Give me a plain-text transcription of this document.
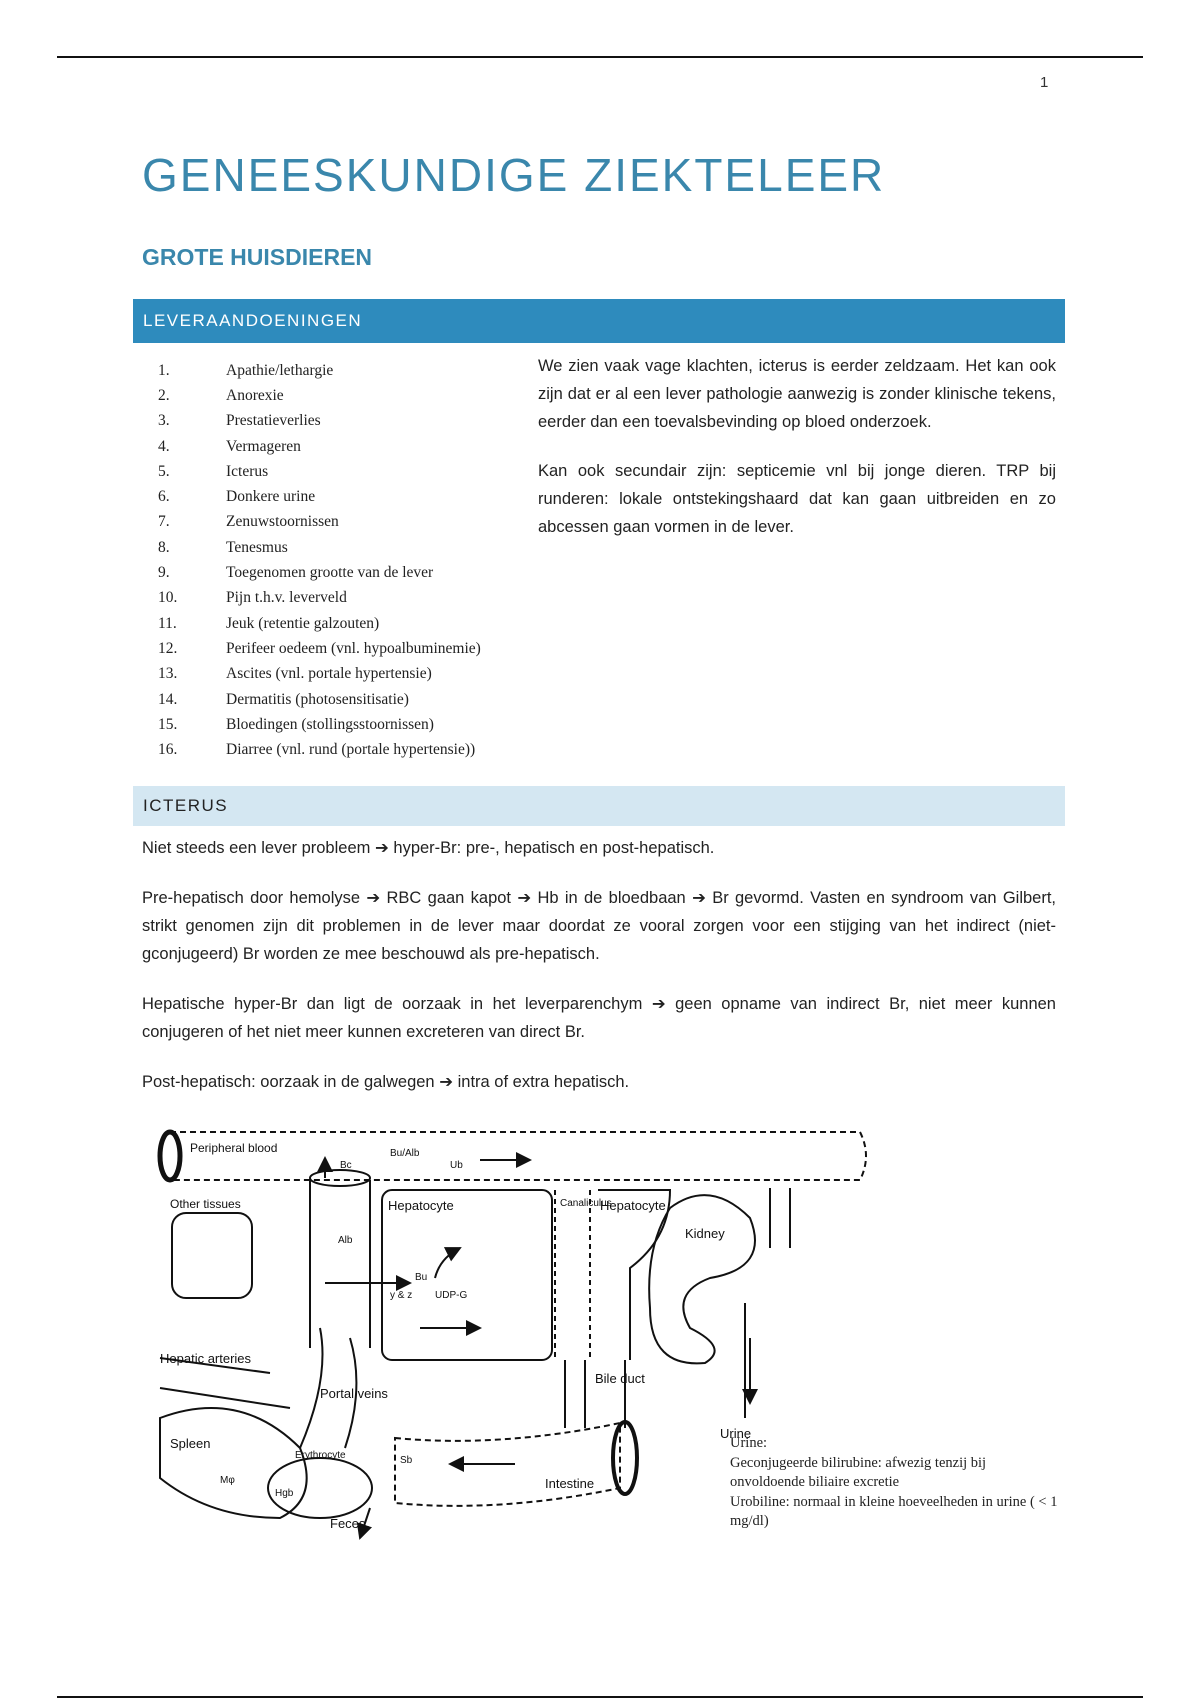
1
GENEESKUNDIGE ZIEKTELEER
GROTE HUISDIEREN
LEVERAANDOENINGEN
1.	Apathie/lethargie
2.	Anorexie
3.	Prestatieverlies
4.	Vermageren
5.	Icterus
6.	Donkere urine
7.	Zenuwstoornissen
8.	Tenesmus
9.	Toegenomen grootte van de lever
10.	Pijn t.h.v. leverveld
11.	Jeuk (retentie galzouten)
12.	Perifeer oedeem (vnl. hypoalbuminemie)
13.	Ascites (vnl. portale hypertensie)
14.	Dermatitis (photosensitisatie)
15.	Bloedingen (stollingsstoornissen)
16.	Diarree (vnl. rund (portale hypertensie))

We zien vaak vage klachten, icterus is eerder zeldzaam. Het kan ook zijn dat er al een lever pathologie aanwezig is zonder klinische tekens, eerder dan een toevalsbevinding op bloed onderzoek.

Kan ook secundair zijn: septicemie vnl bij jonge dieren. TRP bij runderen: lokale ontstekingshaard dat kan gaan uitbreiden en zo abcessen gaan vormen in de lever.

ICTERUS

Niet steeds een lever probleem ➔ hyper-Br: pre-, hepatisch en post-hepatisch.

Pre-hepatisch door hemolyse ➔ RBC gaan kapot ➔ Hb in de bloedbaan ➔ Br gevormd. Vasten en syndroom van Gilbert, strikt genomen zijn dit problemen in de lever maar doordat ze vooral zorgen voor een stijging van het indirect (niet-gconjugeerd) Br worden ze mee beschouwd als pre-hepatisch.

Hepatische hyper-Br dan ligt de oorzaak in het leverparenchym ➔ geen opname van indirect Br, niet meer kunnen conjugeren of het niet meer kunnen excreteren van direct Br.

Post-hepatisch: oorzaak in de galwegen ➔ intra of extra hepatisch.

Peripheral blood
Other tissues	Hepatocyte	Canaliculus
Hepatocyte
Kidney
Bu/Alb
Bc	Ub
Alb
Bu
UDP-G
y & z
Hepatic arteries
Portal veins
Bile duct
Spleen
Mφ
Hgb
Erythrocyte	Sb
Intestine
Feces
Urine
Urine:
Geconjugeerde bilirubine: afwezig tenzij bij onvoldoende biliaire excretie
Urobiline: normaal in kleine hoeveelheden in urine ( < 1 mg/dl)
